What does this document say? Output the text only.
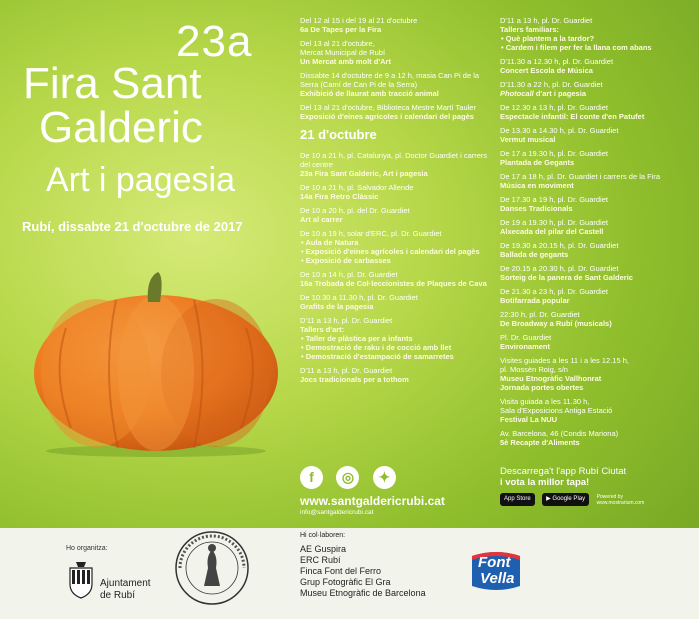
23a
Fira Sant
Galderic
Art i pagesia
Rubí, dissabte 21 d'octubre de 2017
Del 12 al 15 i del 19 al 21 d'octubre
6a De Tapes per la Fira
Del 13 al 21 d'octubre,
Mercat Municipal de Rubí
Un Mercat amb molt d'Art
Dissabte 14 d'octubre de 9 a 12 h, masia Can Pi de la Serra (Camí de Can Pi de la Serra)
Exhibició de llaurat amb tracció animal
Del 13 al 21 d'octubre, Biblioteca Mestre Martí Tauler
Exposició d'eines agrícoles i calendari del pagès
21 d'octubre
De 10 a 21 h, pl. Catalunya, pl. Doctor Guardiet i carrers del centre
23a Fira Sant Galderic, Art i pagesia
De 10 a 21 h, pl. Salvador Allende
14a Fira Retro Clàssic
De 10 a 20 h, pl. del Dr. Guardiet
Art al carrer
De 10 a 19 h, solar d'ERC, pl. Dr. Guardiet
• Aula de Natura
• Exposició d'eines agrícoles i calendari del pagès
• Exposició de carbasses
De 10 a 14 h, pl. Dr. Guardiet
16a Trobada de Col·leccionistes de Plaques de Cava
De 10.30 a 11.30 h, pl. Dr. Guardiet
Grafits de la pagesia
D'11 a 13 h, pl. Dr. Guardiet
Tallers d'art:
• Taller de plàstica per a infants
• Demostració de raku i de cocció amb llet
• Demostració d'estampació de samarretes
D'11 a 13 h, pl. Dr. Guardiet
Jocs tradicionals per a tothom
D'11 a 13 h, pl. Dr. Guardiet
Tallers familiars:
• Què plantem a la tardor?
• Cardem i filem per fer la llana com abans
D'11.30 a 12.30 h, pl. Dr. Guardiet
Concert Escola de Música
D'11.30 a 22 h, pl. Dr. Guardiet
Photocall d'art i pagesia
De 12.30 a 13 h, pl. Dr. Guardiet
Espectacle infantil: El conte d'en Patufet
De 13.30 a 14.30 h, pl. Dr. Guardiet
Vermut musical
De 17 a 19.30 h, pl. Dr. Guardiet
Plantada de Gegants
De 17 a 18 h, pl. Dr. Guardiet i carrers de la Fira
Música en moviment
De 17.30 a 19 h, pl. Dr. Guardiet
Danses Tradicionals
De 19 a 19.30 h, pl. Dr. Guardiet
Alxecada del pilar del Castell
De 19.30 a 20.15 h, pl. Dr. Guardiet
Ballada de gegants
De 20.15 a 20.30 h, pl. Dr. Guardiet
Sorteig de la panera de Sant Galderic
De 21.30 a 23 h, pl. Dr. Guardiet
Botifarrada popular
22:30 h, pl. Dr. Guardiet
De Broadway a Rubí (musicals)
Pl. Dr. Guardiet
Environament
Visites guiades a les 11 i a les 12.15 h,
pl. Mossèn Roig, s/n
Museu Etnogràfic Vallhonrat
Jornada portes obertes
Visita guiada a les 11.30 h,
Sala d'Exposicions Antiga Estació
Festival La NUU
Av. Barcelona, 46 (Condis Mariona)
5è Recapte d'Aliments
f ◎ ✦
www.santgaldericrubi.cat
info@santgaldericrubi.cat
Descarrega't l'app Rubí Ciutat
i vota la millor tapa!
App Store	▶ Google Play Powered by
www.mostrarium.com
Ho organitza:
Ajuntament
de Rubí
Hi col·laboren:
AE Guspira
ERC Rubí
Finca Font del Ferro
Grup Fotogràfic El Gra
Museu Etnogràfic de Barcelona
Font
Vella
